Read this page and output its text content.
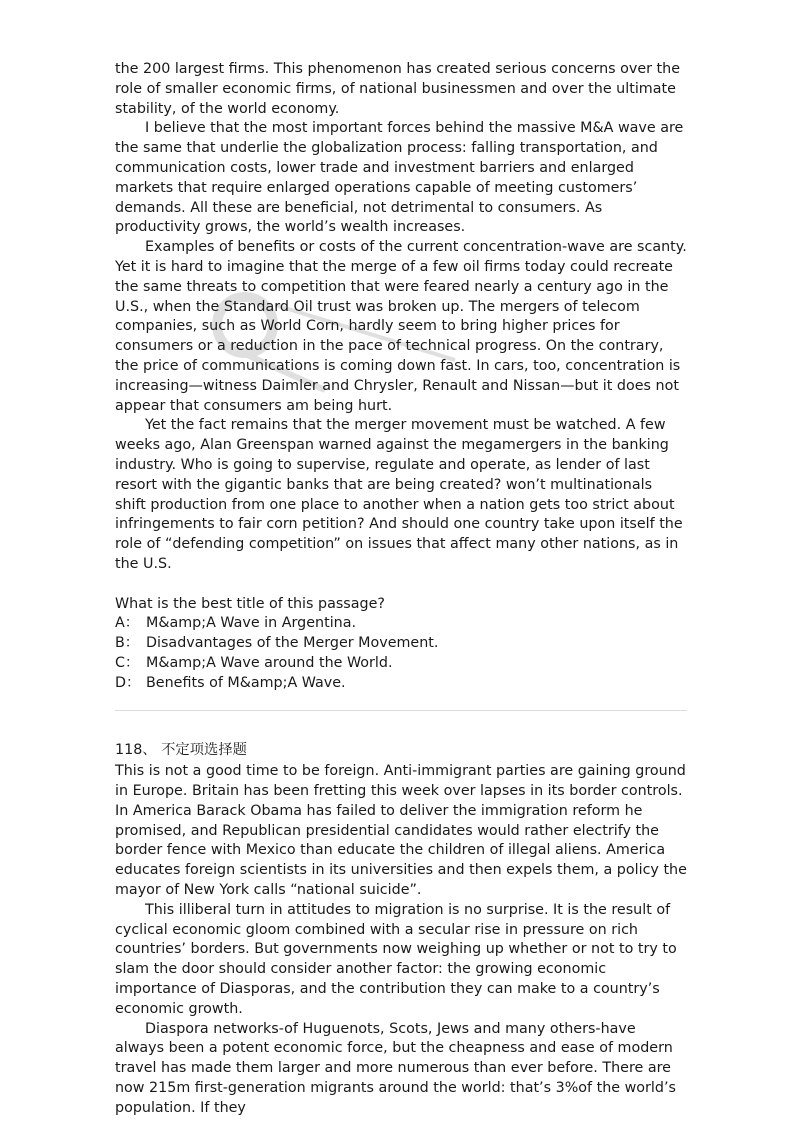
the 200 largest firms. This phenomenon has created serious concerns over the role of smaller economic firms, of national businessmen and over the ultimate stability, of the world economy.

I believe that the most important forces behind the massive M&A wave are the same that underlie the globalization process: falling transportation, and communication costs, lower trade and investment barriers and enlarged markets that require enlarged operations capable of meeting customers’ demands. All these are beneficial, not detrimental to consumers. As productivity grows, the world’s wealth increases.

Examples of benefits or costs of the current concentration-wave are scanty. Yet it is hard to imagine that the merge of a few oil firms today could recreate the same threats to competition that were feared nearly a century ago in the U.S., when the Standard Oil trust was broken up. The mergers of telecom companies, such as World Corn, hardly seem to bring higher prices for consumers or a reduction in the pace of technical progress. On the contrary, the price of communications is coming down fast. In cars, too, concentration is increasing—witness Daimler and Chrysler, Renault and Nissan—but it does not appear that consumers am being hurt.

Yet the fact remains that the merger movement must be watched. A few weeks ago, Alan Greenspan warned against the megamergers in the banking industry. Who is going to supervise, regulate and operate, as lender of last resort with the gigantic banks that are being created? won’t multinationals shift production from one place to another when a nation gets too strict about infringements to fair corn petition? And should one country take upon itself the role of “defending competition” on issues that affect many other nations, as in the U.S.

What is the best title of this passage?

A： M&amp;A Wave in Argentina.
B： Disadvantages of the Merger Movement.
C： M&amp;A Wave around the World.
D： Benefits of M&amp;A Wave.

118、 不定项选择题

This is not a good time to be foreign. Anti-immigrant parties are gaining ground in Europe. Britain has been fretting this week over lapses in its border controls. In America Barack Obama has failed to deliver the immigration reform he promised, and Republican presidential candidates would rather electrify the border fence with Mexico than educate the children of illegal aliens. America educates foreign scientists in its universities and then expels them, a policy the mayor of New York calls “national suicide”.

This illiberal turn in attitudes to migration is no surprise. It is the result of cyclical economic gloom combined with a secular rise in pressure on rich countries’ borders. But governments now weighing up whether or not to try to slam the door should consider another factor: the growing economic importance of Diasporas, and the contribution they can make to a country’s economic growth.

Diaspora networks-of Huguenots, Scots, Jews and many others-have always been a potent economic force, but the cheapness and ease of modern travel has made them larger and more numerous than ever before. There are now 215m first-generation migrants around the world: that’s 3%of the world’s population. If they
